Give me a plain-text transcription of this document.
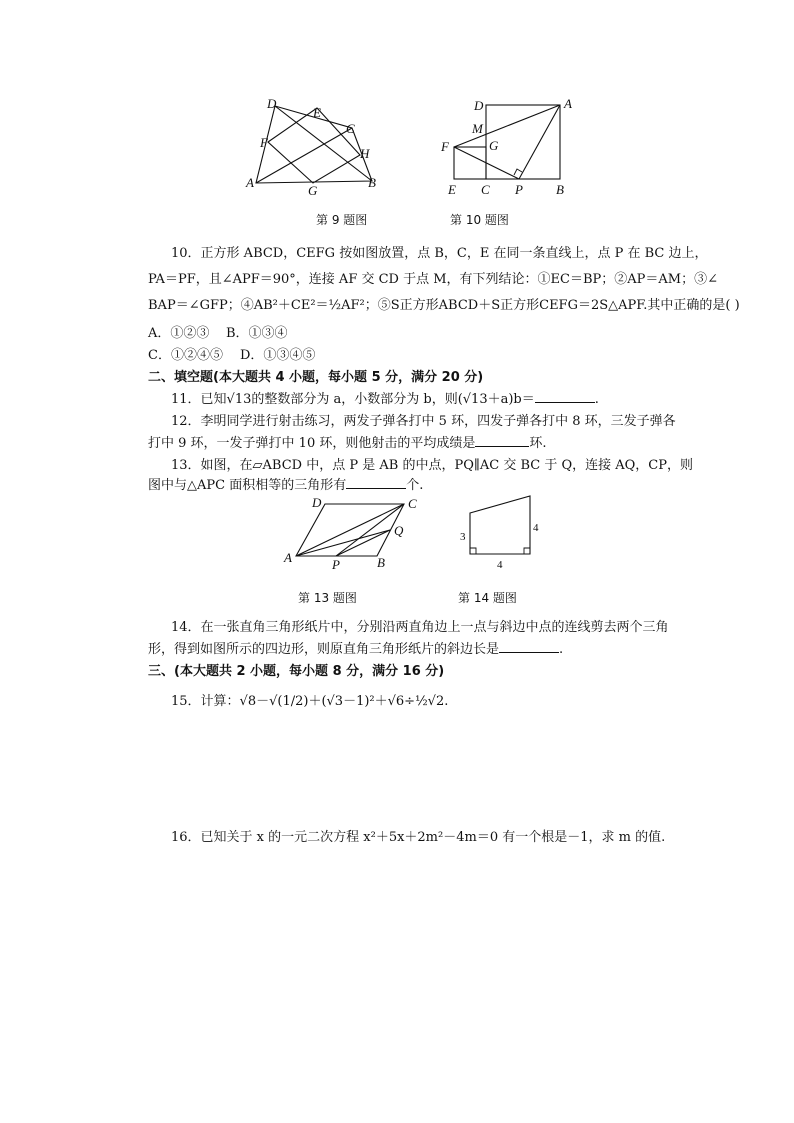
D
E
C
F
H
A
G
B
第 9 题图
D	A
M
G
F
E C P	B
第 10 题图
10．正方形 ABCD，CEFG 按如图放置，点 B，C，E 在同一条直线上，点 P 在 BC 边上，
PA＝PF，且∠APF＝90°，连接 AF 交 CD 于点 M，有下列结论：①EC＝BP；②AP＝AM；③∠
BAP＝∠GFP；④AB²＋CE²＝½AF²；⑤S正方形ABCD＋S正方形CEFG＝2S△APF.其中正确的是( )
A．①②③ B．①③④
C．①②④⑤ D．①③④⑤
二、填空题(本大题共 4 小题，每小题 5 分，满分 20 分)
11．已知√13的整数部分为 a，小数部分为 b，则(√13＋a)b＝	.
12．李明同学进行射击练习，两发子弹各打中 5 环，四发子弹各打中 8 环，三发子弹各
打中 9 环，一发子弹打中 10 环，则他射击的平均成绩是	环.
13．如图，在▱ABCD 中，点 P 是 AB 的中点，PQ∥AC 交 BC 于 Q，连接 AQ，CP，则
图中与△APC 面积相等的三角形有	个.
D	C
Q
A	P	B
第 13 题图
3
4
4
第 14 题图
14．在一张直角三角形纸片中，分别沿两直角边上一点与斜边中点的连线剪去两个三角
形，得到如图所示的四边形，则原直角三角形纸片的斜边长是	.
三、(本大题共 2 小题，每小题 8 分，满分 16 分)
15．计算：√8－√(1/2)＋(√3－1)²＋√6÷½√2.
16．已知关于 x 的一元二次方程 x²＋5x＋2m²－4m＝0 有一个根是－1，求 m 的值.
